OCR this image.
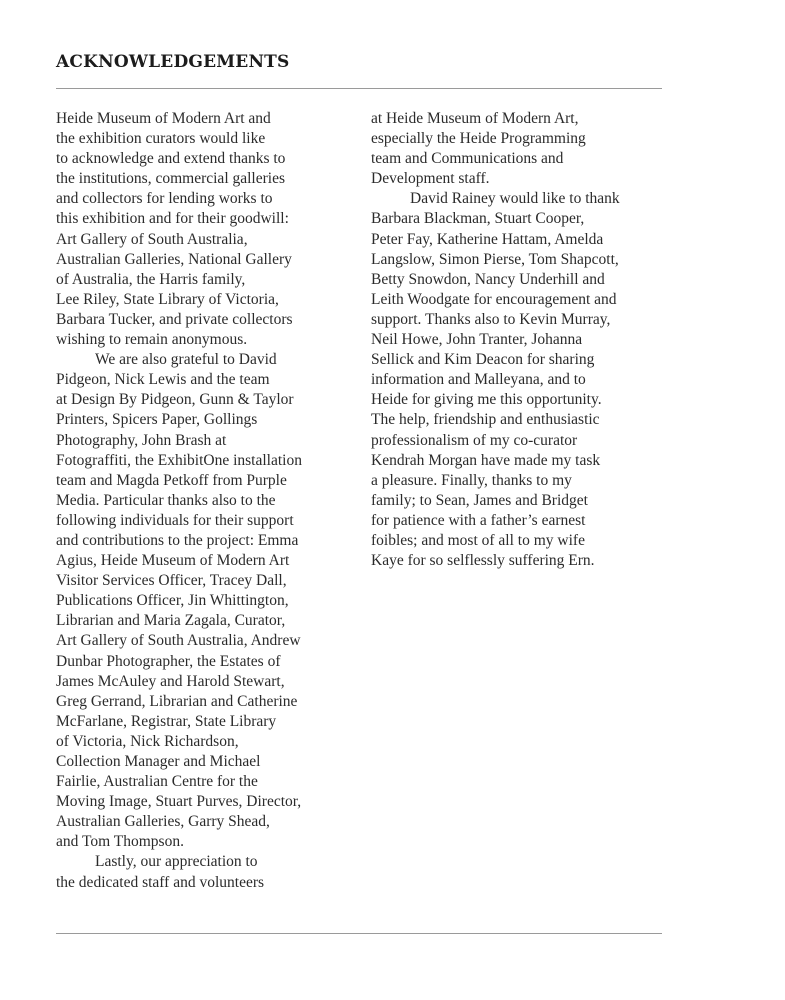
ACKNOWLEDGEMENTS
Heide Museum of Modern Art and
the exhibition curators would like
to acknowledge and extend thanks to
the institutions, commercial galleries
and collectors for lending works to
this exhibition and for their goodwill:
Art Gallery of South Australia,
Australian Galleries, National Gallery
of Australia, the Harris family,
Lee Riley, State Library of Victoria,
Barbara Tucker, and private collectors
wishing to remain anonymous.
We are also grateful to David
Pidgeon, Nick Lewis and the team
at Design By Pidgeon, Gunn & Taylor
Printers, Spicers Paper, Gollings
Photography, John Brash at
Fotograffiti, the ExhibitOne installation
team and Magda Petkoff from Purple
Media. Particular thanks also to the
following individuals for their support
and contributions to the project: Emma
Agius, Heide Museum of Modern Art
Visitor Services Officer, Tracey Dall,
Publications Officer, Jin Whittington,
Librarian and Maria Zagala, Curator,
Art Gallery of South Australia, Andrew
Dunbar Photographer, the Estates of
James McAuley and Harold Stewart,
Greg Gerrand, Librarian and Catherine
McFarlane, Registrar, State Library
of Victoria, Nick Richardson,
Collection Manager and Michael
Fairlie, Australian Centre for the
Moving Image, Stuart Purves, Director,
Australian Galleries, Garry Shead,
and Tom Thompson.
Lastly, our appreciation to
the dedicated staff and volunteers
at Heide Museum of Modern Art,
especially the Heide Programming
team and Communications and
Development staff.
David Rainey would like to thank
Barbara Blackman, Stuart Cooper,
Peter Fay, Katherine Hattam, Amelda
Langslow, Simon Pierse, Tom Shapcott,
Betty Snowdon, Nancy Underhill and
Leith Woodgate for encouragement and
support. Thanks also to Kevin Murray,
Neil Howe, John Tranter, Johanna
Sellick and Kim Deacon for sharing
information and Malleyana, and to
Heide for giving me this opportunity.
The help, friendship and enthusiastic
professionalism of my co-curator
Kendrah Morgan have made my task
a pleasure. Finally, thanks to my
family; to Sean, James and Bridget
for patience with a father’s earnest
foibles; and most of all to my wife
Kaye for so selflessly suffering Ern.
